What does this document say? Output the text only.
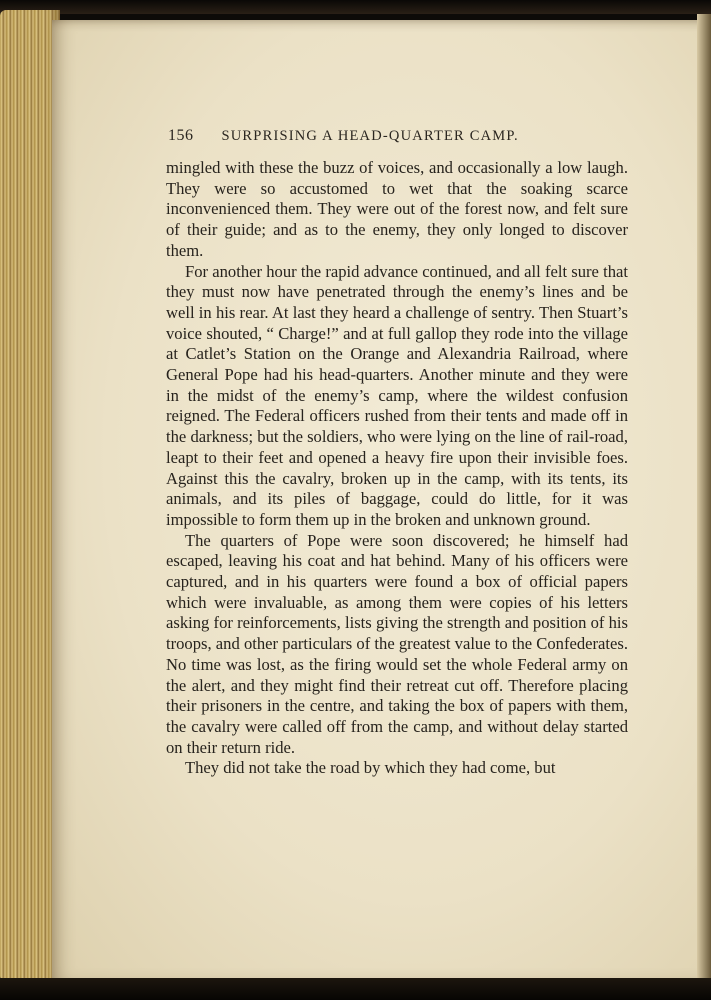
156 SURPRISING A HEAD-QUARTER CAMP.

mingled with these the buzz of voices, and occasionally a low laugh. They were so accustomed to wet that the soaking scarce inconvenienced them. They were out of the forest now, and felt sure of their guide; and as to the enemy, they only longed to discover them.

For another hour the rapid advance continued, and all felt sure that they must now have penetrated through the enemy’s lines and be well in his rear. At last they heard a challenge of sentry. Then Stuart’s voice shouted, “ Charge!” and at full gallop they rode into the village at Catlet’s Station on the Orange and Alexandria Railroad, where General Pope had his head-quarters. Another minute and they were in the midst of the enemy’s camp, where the wildest confusion reigned. The Federal officers rushed from their tents and made off in the darkness; but the soldiers, who were lying on the line of rail-road, leapt to their feet and opened a heavy fire upon their invisible foes. Against this the cavalry, broken up in the camp, with its tents, its animals, and its piles of baggage, could do little, for it was impossible to form them up in the broken and unknown ground.

The quarters of Pope were soon discovered; he himself had escaped, leaving his coat and hat behind. Many of his officers were captured, and in his quarters were found a box of official papers which were invaluable, as among them were copies of his letters asking for reinforcements, lists giving the strength and position of his troops, and other particulars of the greatest value to the Confederates. No time was lost, as the firing would set the whole Federal army on the alert, and they might find their retreat cut off. Therefore placing their prisoners in the centre, and taking the box of papers with them, the cavalry were called off from the camp, and without delay started on their return ride.

They did not take the road by which they had come, but
